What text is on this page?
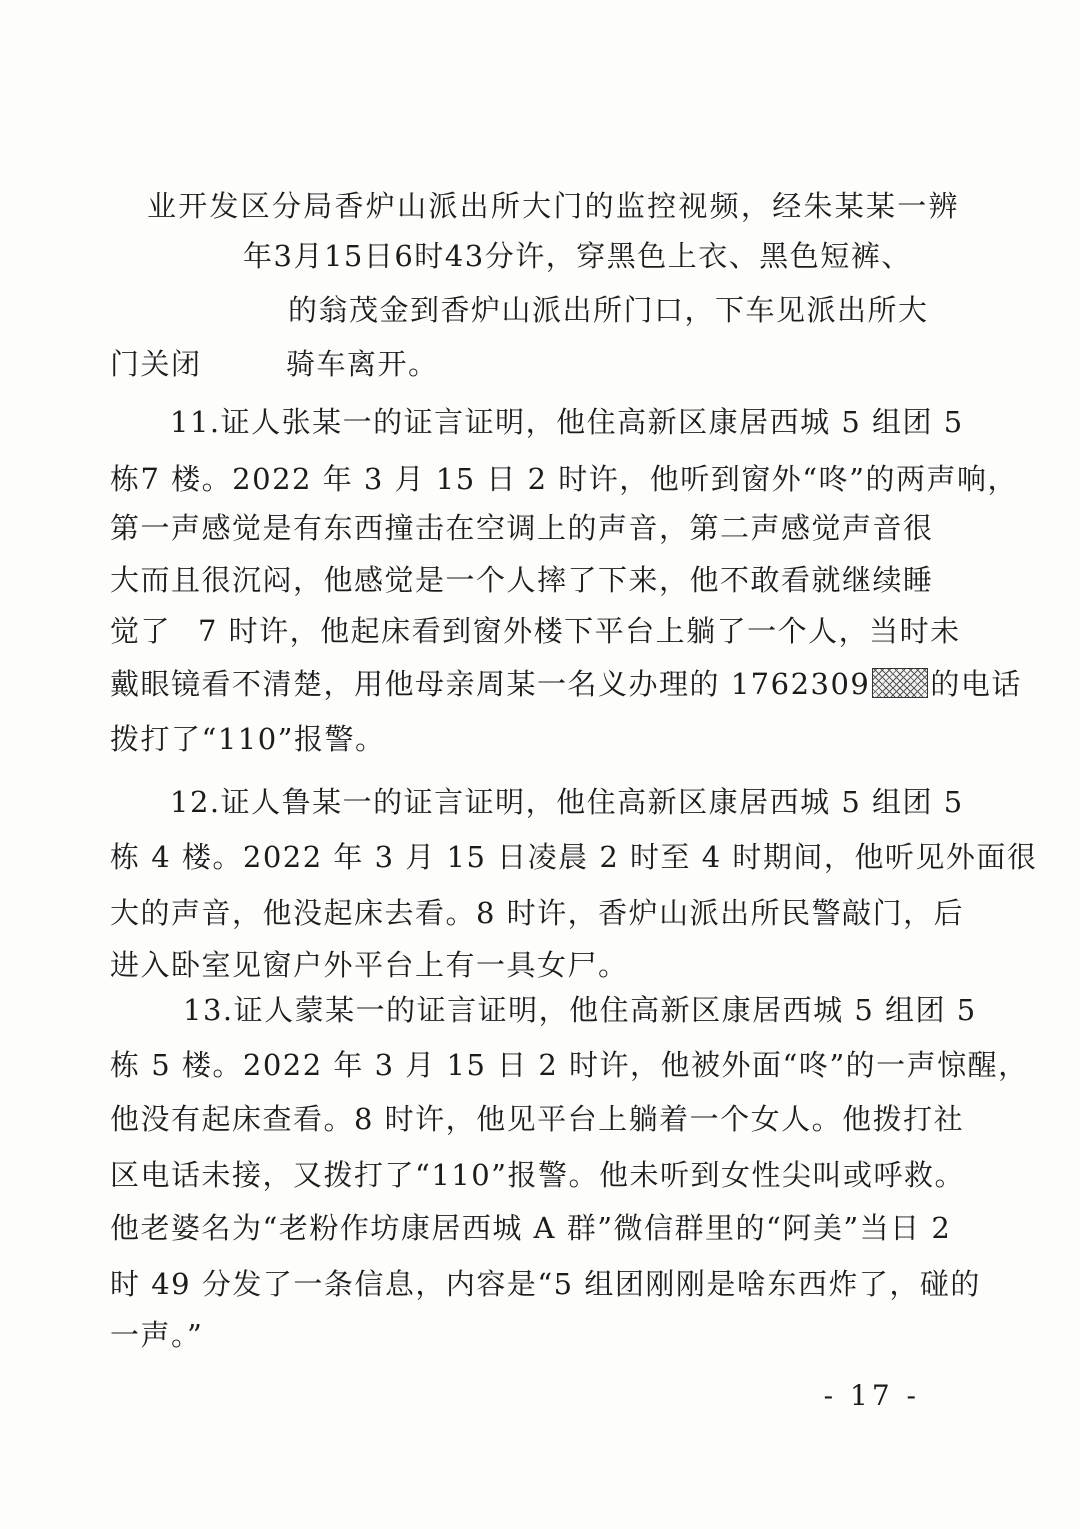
业开发区分局香炉山派出所大门的监控视频，经朱某某一辨
年3月15日6时43分许，穿黑色上衣、黑色短裤、
的翁茂金到香炉山派出所门口，下车见派出所大
门关闭	骑车离开。
11.证人张某一的证言证明，他住高新区康居西城 5 组团 5
栋7 楼。2022 年 3 月 15 日 2 时许，他听到窗外“咚”的两声响，
第一声感觉是有东西撞击在空调上的声音，第二声感觉声音很
大而且很沉闷，他感觉是一个人摔了下来，他不敢看就继续睡
觉了 7 时许，他起床看到窗外楼下平台上躺了一个人，当时未
戴眼镜看不清楚，用他母亲周某一名义办理的 1762309 的电话
拨打了“110”报警。
12.证人鲁某一的证言证明，他住高新区康居西城 5 组团 5
栋 4 楼。2022 年 3 月 15 日凌晨 2 时至 4 时期间，他听见外面很
大的声音，他没起床去看。8 时许，香炉山派出所民警敲门，后
进入卧室见窗户外平台上有一具女尸。
13.证人蒙某一的证言证明，他住高新区康居西城 5 组团 5
栋 5 楼。2022 年 3 月 15 日 2 时许，他被外面“咚”的一声惊醒，
他没有起床查看。8 时许，他见平台上躺着一个女人。他拨打社
区电话未接，又拨打了“110”报警。他未听到女性尖叫或呼救。
他老婆名为“老粉作坊康居西城 A 群”微信群里的“阿美”当日 2
时 49 分发了一条信息，内容是“5 组团刚刚是啥东西炸了，碰的
一声。”
- 17 -
